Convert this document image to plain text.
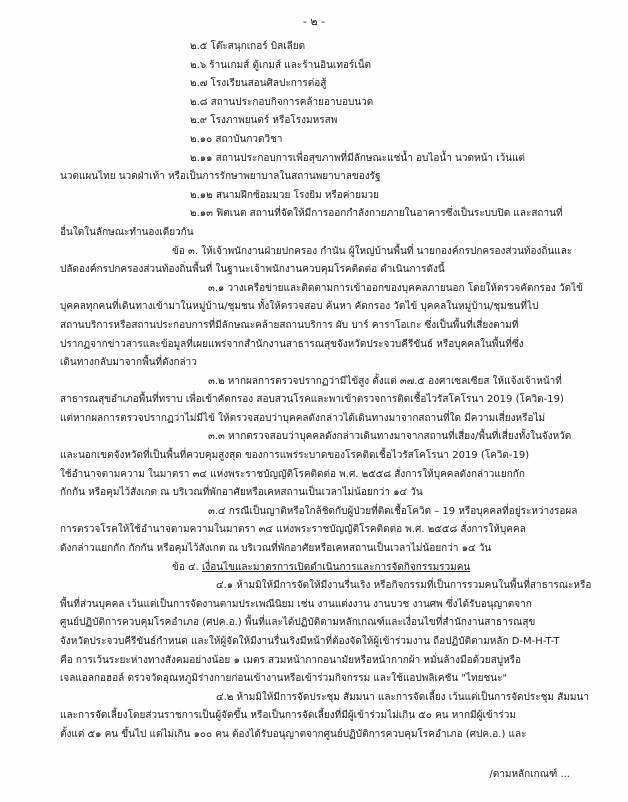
- ๒ -
๒.๕ โต๊ะสนุกเกอร์ บิลเลียด
๒.๖ ร้านเกมส์ ตู้เกมส์ และร้านอินเทอร์เน็ต
๒.๗ โรงเรียนสอนศิลปะการต่อสู้
๒.๘ สถานประกอบกิจการคล้ายอาบอบนวด
๒.๙ โรงภาพยนตร์ หรือโรงมหรสพ
๒.๑๐ สถาบันกวดวิชา
๒.๑๑ สถานประกอบการเพื่อสุขภาพที่มีลักษณะแช่น้ำ อบไอน้ำ นวดหน้า เว้นแต่
นวดแผนไทย นวดฝ่าเท้า หรือเป็นการรักษาพยาบาลในสถานพยาบาลของรัฐ
๒.๑๒ สนามฝึกซ้อมมวย โรงยิม หรือค่ายมวย
๒.๑๓ ฟิตเนต สถานที่จัดให้มีการออกกำลังกายภายในอาคารซึ่งเป็นระบบปิด และสถานที่
อื่นใดในลักษณะทำนองเดียวกัน
ข้อ ๓. ให้เจ้าพนักงานฝ่ายปกครอง กำนัน ผู้ใหญ่บ้านพื้นที่ นายกองค์กรปกครองส่วนท้องถิ่นและ
ปลัดองค์กรปกครองส่วนท้องถิ่นพื้นที่ ในฐานะเจ้าพนักงานควบคุมโรคติดต่อ ดำเนินการดังนี้
๓.๑ วางเครือข่ายและติดตามการเข้าออกของบุคคลภายนอก โดยให้ตรวจคัดกรอง วัดไข้
บุคคลทุกคนที่เดินทางเข้ามาในหมู่บ้าน/ชุมชน ทั้งให้ตรวจสอบ ค้นหา คัดกรอง วัดไข้ บุคคลในหมู่บ้าน/ชุมชนที่ไป
สถานบริการหรือสถานประกอบการที่มีลักษณะคล้ายสถานบริการ ผับ บาร์ คาราโอเกะ ซึ่งเป็นพื้นที่เสี่ยงตามที่
ปรากฏจากข่าวสารและข้อมูลที่เผยแพร่จากสำนักงานสาธารณสุขจังหวัดประจวบคีรีขันธ์ หรือบุคคลในพื้นที่ซึ่ง
เดินทางกลับมาจากพื้นที่ดังกล่าว
๓.๒ หากผลการตรวจปรากฏว่ามีไข้สูง ตั้งแต่ ๓๗.๕ องศาเซลเซียส ให้แจ้งเจ้าหน้าที่
สาธารณสุขอำเภอพื้นที่ทราบ เพื่อเข้าคัดกรอง สอบสวนโรคและพาเข้าตรวจการติดเชื้อไวรัสโคโรนา 2019 (โควิด-19)
แต่หากผลการตรวจปรากฏว่าไม่มีไข้ ให้ตรวจสอบว่าบุคคลดังกล่าวได้เดินทางมาจากสถานที่ใด มีความเสี่ยงหรือไม่
๓.๓ หากตรวจสอบว่าบุคคลดังกล่าวเดินทางมาจากสถานที่เสี่ยง/พื้นที่เสี่ยงทั้งในจังหวัด
และนอกเขตจังหวัดที่เป็นพื้นที่ควบคุมสูงสุด ของการแพร่ระบาดของโรคติดเชื้อไวรัสโคโรนา 2019 (โควิด-19)
ใช้อำนาจตามความ ในมาตรา ๓๔ แห่งพระราชบัญญัติโรคติดต่อ พ.ศ. ๒๕๕๘ สั่งการให้บุคคลดังกล่าวแยกกัก
กักกัน หรือคุมไว้สังเกต ณ บริเวณที่พักอาศัยหรือเคหสถานเป็นเวลาไม่น้อยกว่า ๑๔ วัน
๓.๔ กรณีเป็นญาติหรือใกล้ชิดกับผู้ป่วยที่ติดเชื้อโควิด – 19 หรือบุคคลที่อยู่ระหว่างรอผล
การตรวจโรคให้ใช้อำนาจตามความในมาตรา ๓๔ แห่งพระราชบัญญัติโรคติดต่อ พ.ศ. ๒๕๕๘ สั่งการให้บุคคล
ดังกล่าวแยกกัก กักกัน หรือคุมไว้สังเกต ณ บริเวณที่พักอาศัยหรือเคหสถานเป็นเวลาไม่น้อยกว่า ๑๔ วัน
ข้อ ๔. เงื่อนไขและมาตรการเปิดดำเนินการและการจัดกิจกรรมรวมคน
๔.๑ ห้ามมิให้มีการจัดให้มีงานรื่นเริง หรือกิจกรรมที่เป็นการรวมคนในพื้นที่สาธารณะหรือ
พื้นที่ส่วนบุคคล เว้นแต่เป็นการจัดงานตามประเพณีนิยม เช่น งานแต่งงาน งานบวช งานศพ ซึ่งได้รับอนุญาตจาก
ศูนย์ปฏิบัติการควบคุมโรคอำเภอ (ศปค.อ.) พื้นที่และได้ปฏิบัติตามหลักเกณฑ์และเงื่อนไขที่สำนักงานสาธารณสุข
จังหวัดประจวบคีรีขันธ์กำหนด และให้ผู้จัดให้มีงานรื่นเริงมีหน้าที่ต้องจัดให้ผู้เข้าร่วมงาน ถือปฏิบัติตามหลัก D-M-H-T-T
คือ การเว้นระยะห่างทางสังคมอย่างน้อย ๑ เมตร สวมหน้ากากอนามัยหรือหน้ากากผ้า หมั่นล้างมือด้วยสบู่หรือ
เจลแอลกอฮอล์ ตรวจวัดอุณหภูมิร่างกายก่อนเข้างานหรือเข้าร่วมกิจกรรม และใช้แอปพลิเคชัน "ไทยชนะ"
๔.๒ ห้ามมิให้มีการจัดประชุม สัมมนา และการจัดเลี้ยง เว้นแต่เป็นการจัดประชุม สัมมนา
และการจัดเลี้ยงโดยส่วนราชการเป็นผู้จัดขึ้น หรือเป็นการจัดเลี้ยงที่มีผู้เข้าร่วมไม่เกิน ๕๐ คน หากมีผู้เข้าร่วม
ตั้งแต่ ๕๑ คน ขึ้นไป แต่ไม่เกิน ๑๐๐ คน ต้องได้รับอนุญาตจากศูนย์ปฏิบัติการควบคุมโรคอำเภอ (ศปค.อ.) และ
/ตามหลักเกณฑ์ ...
